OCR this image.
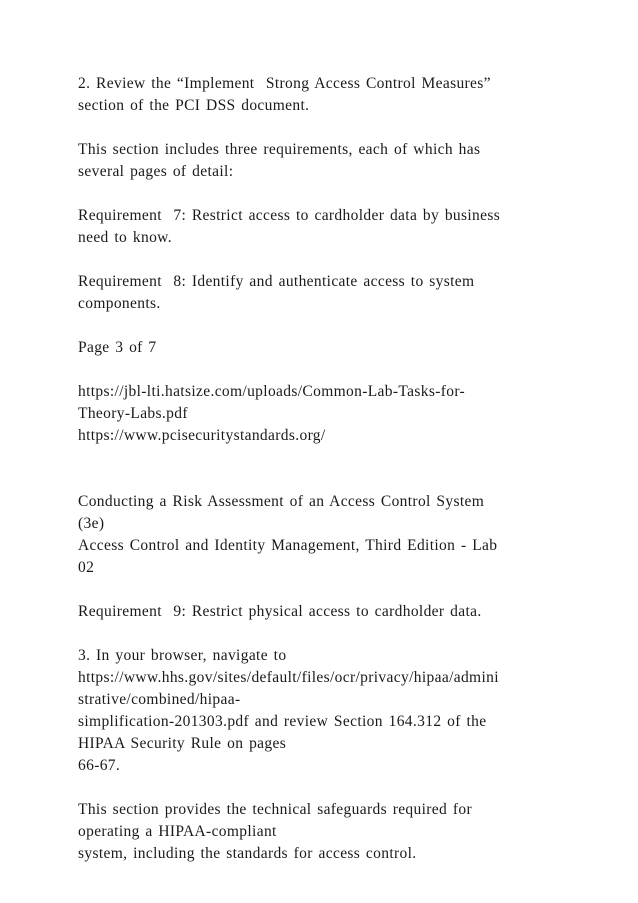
2. Review the “Implement  Strong Access Control Measures”
section of the PCI DSS document.
This section includes three requirements, each of which has
several pages of detail:
Requirement  7: Restrict access to cardholder data by business
need to know.
Requirement  8: Identify and authenticate access to system
components.
Page 3 of 7
https://jbl-lti.hatsize.com/uploads/Common-Lab-Tasks-for-
Theory-Labs.pdf
https://www.pcisecuritystandards.org/
Conducting a Risk Assessment of an Access Control System
(3e)
Access Control and Identity Management, Third Edition - Lab
02
Requirement  9: Restrict physical access to cardholder data.
3. In your browser, navigate to
https://www.hhs.gov/sites/default/files/ocr/privacy/hipaa/admini
strative/combined/hipaa-
simplification-201303.pdf and review Section 164.312 of the
HIPAA Security Rule on pages
66-67.
This section provides the technical safeguards required for
operating a HIPAA-compliant
system, including the standards for access control.
